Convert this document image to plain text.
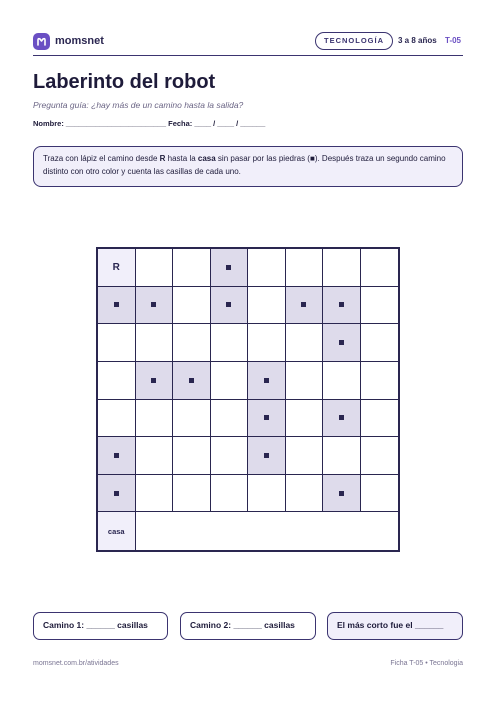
momsnet	TECNOLOGÍA	3 a 8 años T-05
Laberinto del robot
Pregunta guía: ¿hay más de un camino hasta la salida?
Nombre: ________________________ Fecha: ____ / ____ / ______
Traza con lápiz el camino desde R hasta la casa sin pasar por las piedras (■). Después traza un segundo camino distinto con otro color y cuenta las casillas de cada uno.
R
casa
Camino 1: ______ casillas	Camino 2: ______ casillas	El más corto fue el ______
momsnet.com.br/atividades	Ficha T-05 • Tecnologia
